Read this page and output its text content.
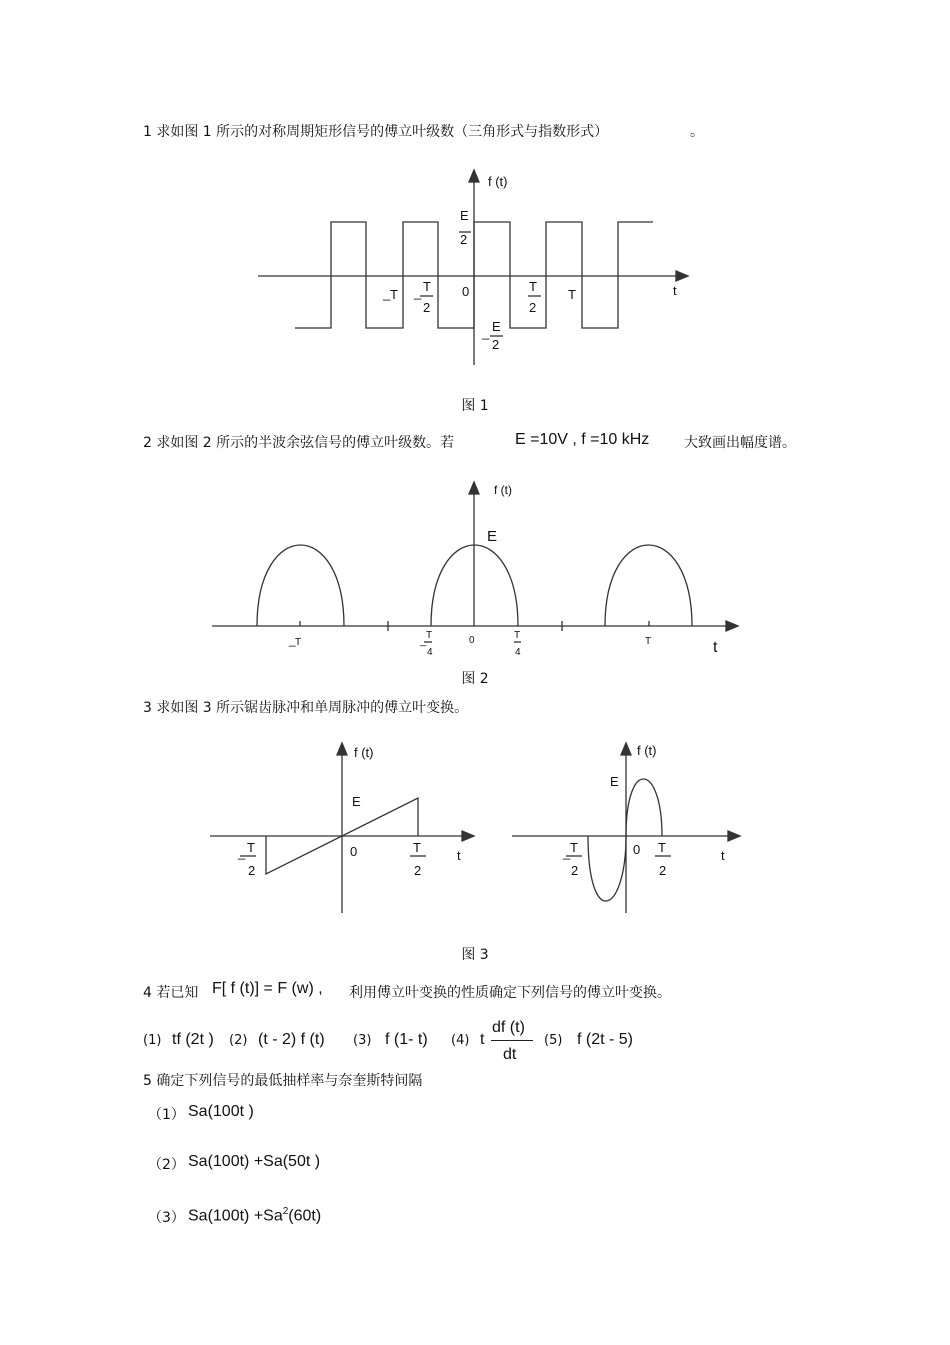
1 求如图 1 所示的对称周期矩形信号的傅立叶级数（三角形式与指数形式）	。
f (t)
E
2
_ T _ T
2
0	T
2
T	t
_ E
2
图 1
2 求如图 2 所示的半波余弦信号的傅立叶级数。若	E =10V , f =10 kHz 大致画出幅度谱。
f (t)
E
_ T	_ T
4
0	T
4
T	t
图 2
3 求如图 3 所示锯齿脉冲和单周脉冲的傅立叶变换。
f (t)
E
_ T
2
0	T
2
t
f (t)
E
_ T
2
0 T
2
t
图 3
4 若已知 F[ f (t)] = F (w) , 利用傅立叶变换的性质确定下列信号的傅立叶变换。
(1) tf (2t ) (2) (t - 2) f (t) (3) f (1- t) (4) t
df (t)
dt
(5) f (2t - 5)
5 确定下列信号的最低抽样率与奈奎斯特间隔
（1） Sa(100t )
（2） Sa(100t) +Sa(50t )
（3） $Sa(100t) +Sa^2(60t)$
